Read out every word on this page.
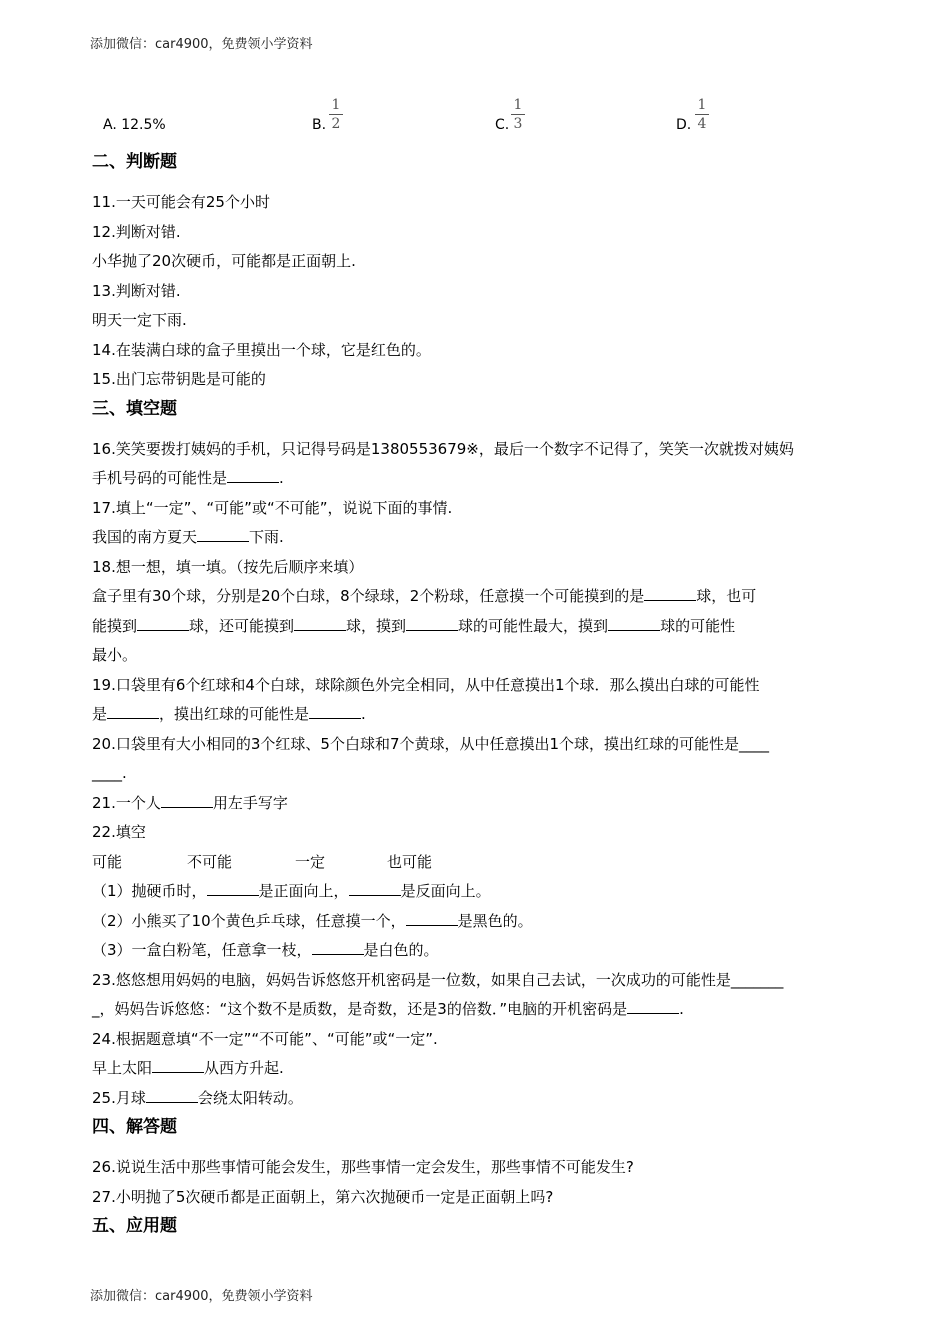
添加微信：car4900，免费领小学资料
A. 12.5%	B.
1
2	C.
1
3	D.
1
4
二、判断题
11.一天可能会有25个小时
12.判断对错.
小华抛了20次硬币，可能都是正面朝上.
13.判断对错.
明天一定下雨.
14.在装满白球的盒子里摸出一个球，它是红色的。
15.出门忘带钥匙是可能的
三、填空题
16.笑笑要拨打姨妈的手机，只记得号码是1380553679※，最后一个数字不记得了，笑笑一次就拨对姨妈
手机号码的可能性是	.
17.填上“一定”、“可能”或“不可能”，说说下面的事情.
我国的南方夏天	下雨.
18.想一想，填一填。（按先后顺序来填）
盒子里有30个球，分别是20个白球，8个绿球，2个粉球，任意摸一个可能摸到的是	球，也可
能摸到	球，还可能摸到	球，摸到	球的可能性最大，摸到	球的可能性
最小。
19.口袋里有6个红球和4个白球，球除颜色外完全相同，从中任意摸出1个球．那么摸出白球的可能性
是	，摸出红球的可能性是	.
20.口袋里有大小相同的3个红球、5个白球和7个黄球，从中任意摸出1个球，摸出红球的可能性是____
____.
21.一个人	用左手写字
22.填空
可能	不可能	一定	也可能
（1）抛硬币时，	是正面向上，	是反面向上。
（2）小熊买了10个黄色乒乓球，任意摸一个，	是黑色的。
（3）一盒白粉笔，任意拿一枝，	是白色的。
23.悠悠想用妈妈的电脑，妈妈告诉悠悠开机密码是一位数，如果自己去试，一次成功的可能性是_______
_，妈妈告诉悠悠：“这个数不是质数，是奇数，还是3的倍数．”电脑的开机密码是	.
24.根据题意填“不一定”“不可能”、“可能”或“一定”.
早上太阳	从西方升起.
25.月球	会绕太阳转动。
四、解答题
26.说说生活中那些事情可能会发生，那些事情一定会发生，那些事情不可能发生?
27.小明抛了5次硬币都是正面朝上，第六次抛硬币一定是正面朝上吗?
五、应用题
添加微信：car4900，免费领小学资料
